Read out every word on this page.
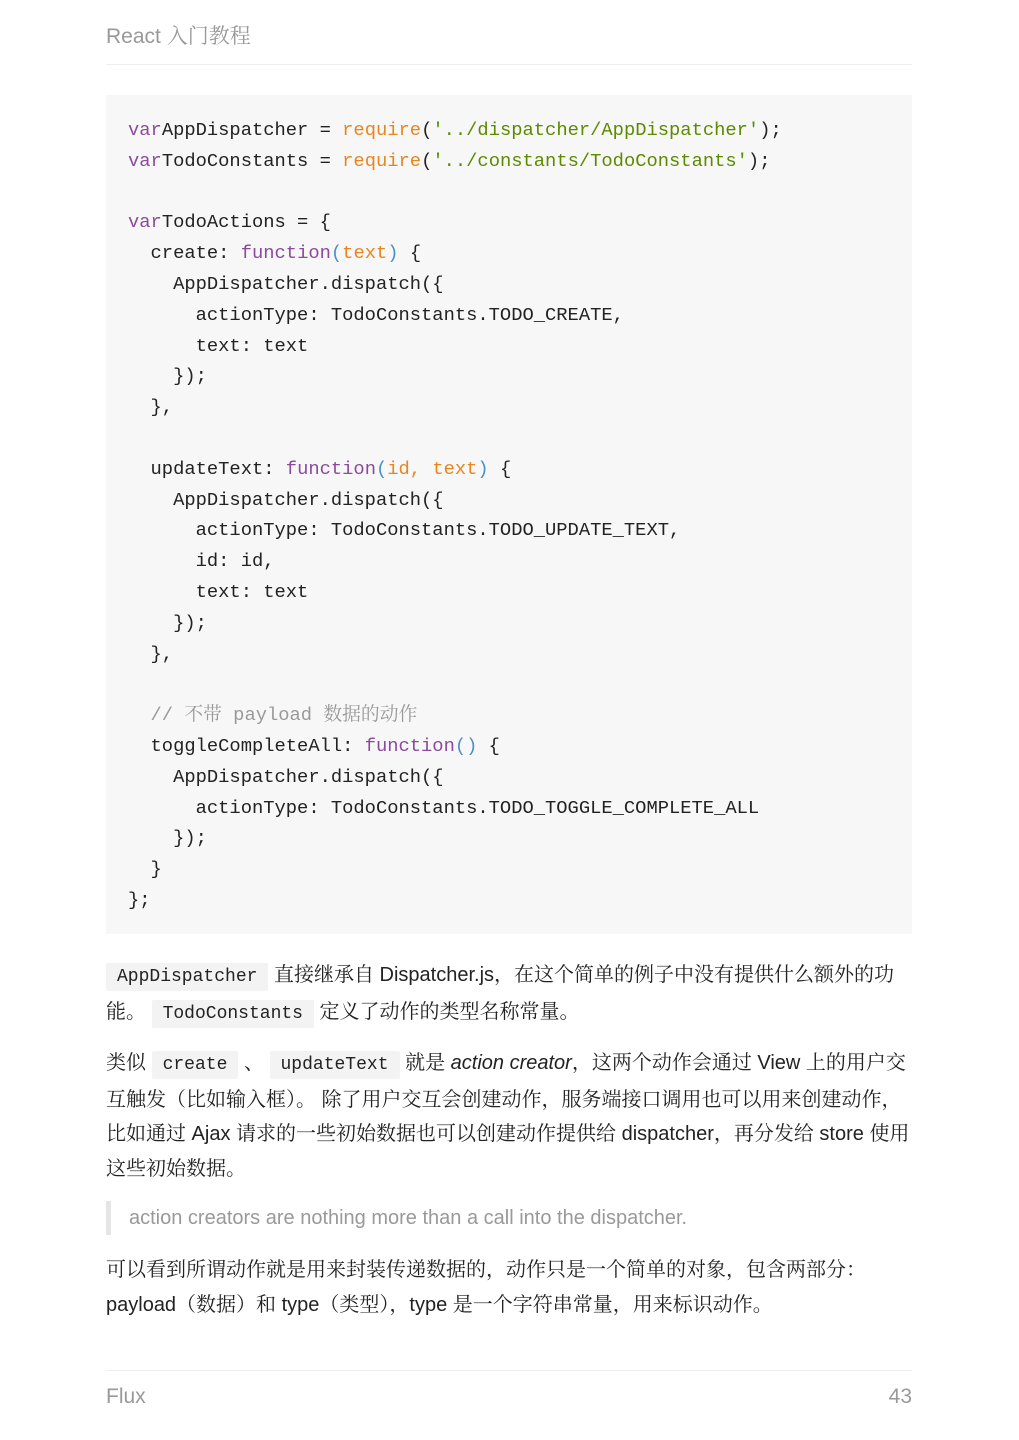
React 入门教程
varAppDispatcher = require('../dispatcher/AppDispatcher');
varTodoConstants = require('../constants/TodoConstants');
varTodoActions = {
create: function(text) {
AppDispatcher.dispatch({
actionType: TodoConstants.TODO_CREATE,
text: text
});
},
updateText: function(id, text) {
AppDispatcher.dispatch({
actionType: TodoConstants.TODO_UPDATE_TEXT,
id: id,
text: text
});
},
// 不带 payload 数据的动作
toggleCompleteAll: function() {
AppDispatcher.dispatch({
actionType: TodoConstants.TODO_TOGGLE_COMPLETE_ALL
});
}
};
AppDispatcher 直接继承自 Dispatcher.js，在这个简单的例子中没有提供什么额外的功能。 TodoConstants 定义了动作的类型名称常量。
类似 create 、 updateText 就是 action creator，这两个动作会通过 View 上的用户交互触发（比如输入框）。 除了用户交互会创建动作，服务端接口调用也可以用来创建动作，比如通过 Ajax 请求的一些初始数据也可以创建动作提供给 dispatcher，再分发给 store 使用这些初始数据。
action creators are nothing more than a call into the dispatcher.
可以看到所谓动作就是用来封装传递数据的，动作只是一个简单的对象，包含两部分：payload（数据）和 type（类型），type 是一个字符串常量，用来标识动作。
Flux	43
